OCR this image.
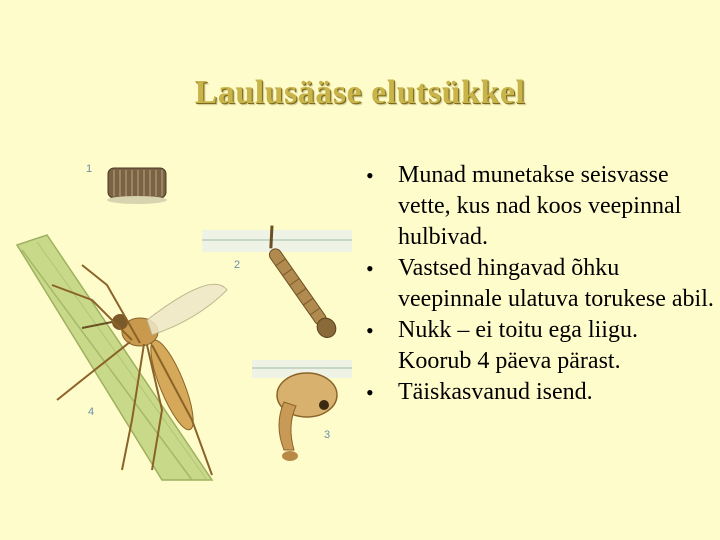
Laulusääse elutsükkel
1
2
3
4
• Munad munetakse seisvasse vette, kus nad koos veepinnal hulbivad.
• Vastsed hingavad õhku veepinnale ulatuva torukese abil.
• Nukk – ei toitu ega liigu. Koorub 4 päeva pärast.
• Täiskasvanud isend.
